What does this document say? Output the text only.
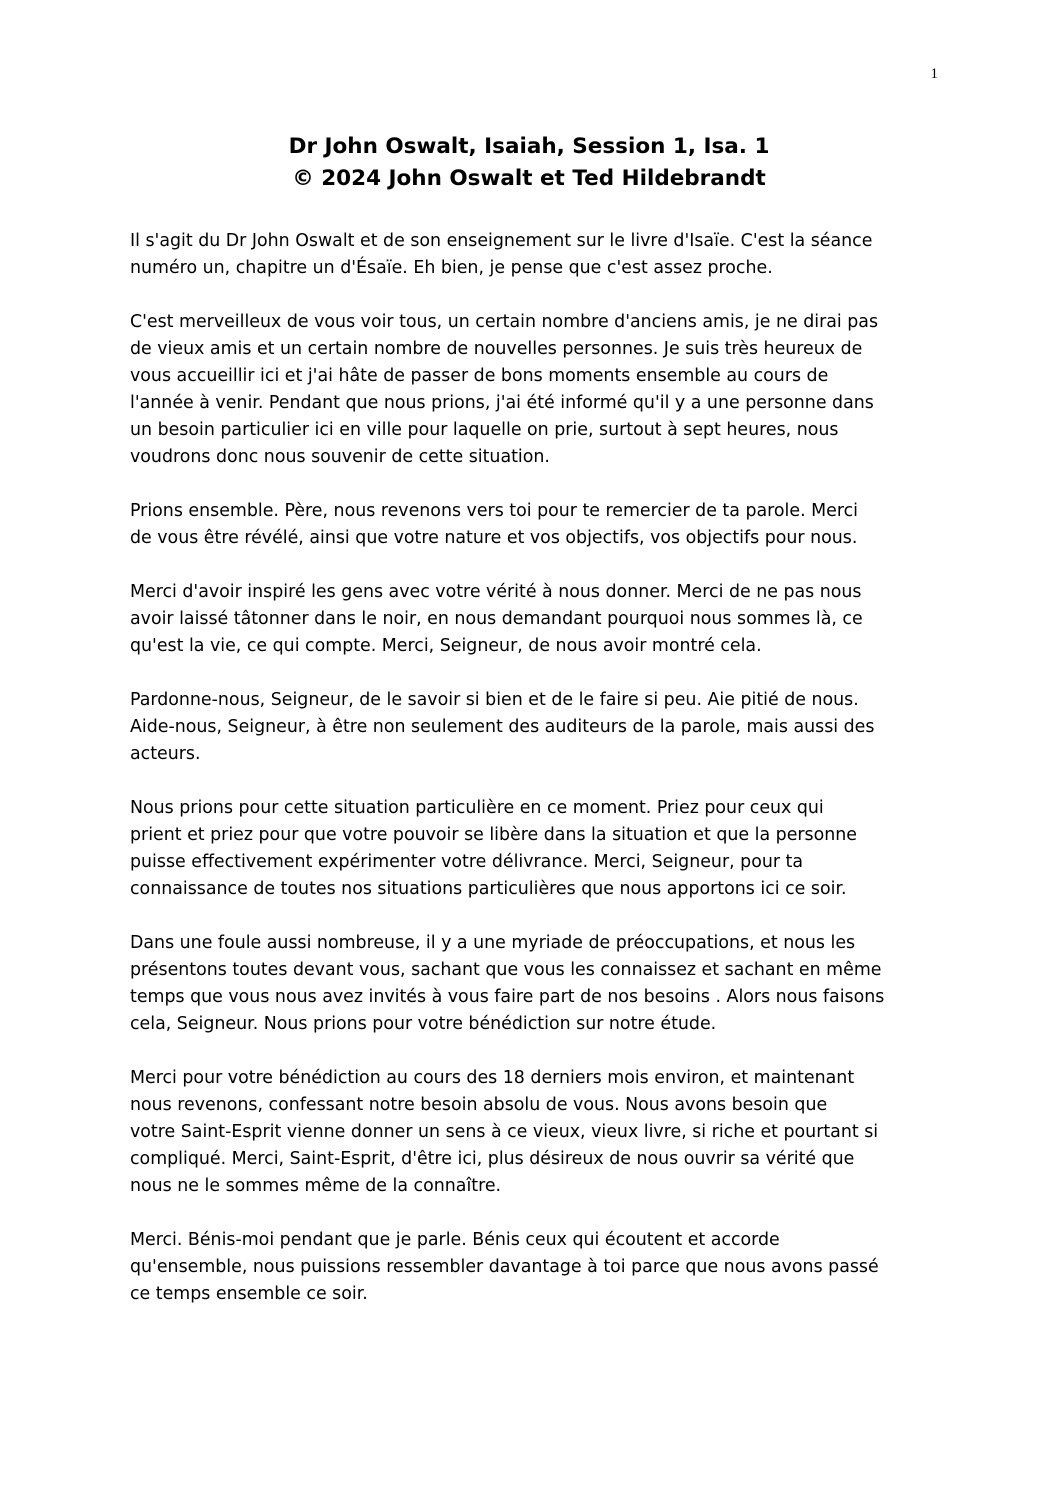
1
Dr John Oswalt, Isaiah, Session 1, Isa. 1
© 2024 John Oswalt et Ted Hildebrandt

Il s'agit du Dr John Oswalt et de son enseignement sur le livre d'Isaïe. C'est la séance
numéro un, chapitre un d'Ésaïe. Eh bien, je pense que c'est assez proche.

C'est merveilleux de vous voir tous, un certain nombre d'anciens amis, je ne dirai pas
de vieux amis et un certain nombre de nouvelles personnes. Je suis très heureux de
vous accueillir ici et j'ai hâte de passer de bons moments ensemble au cours de
l'année à venir. Pendant que nous prions, j'ai été informé qu'il y a une personne dans
un besoin particulier ici en ville pour laquelle on prie, surtout à sept heures, nous
voudrons donc nous souvenir de cette situation.

Prions ensemble. Père, nous revenons vers toi pour te remercier de ta parole. Merci
de vous être révélé, ainsi que votre nature et vos objectifs, vos objectifs pour nous.

Merci d'avoir inspiré les gens avec votre vérité à nous donner. Merci de ne pas nous
avoir laissé tâtonner dans le noir, en nous demandant pourquoi nous sommes là, ce
qu'est la vie, ce qui compte. Merci, Seigneur, de nous avoir montré cela.

Pardonne-nous, Seigneur, de le savoir si bien et de le faire si peu. Aie pitié de nous.
Aide-nous, Seigneur, à être non seulement des auditeurs de la parole, mais aussi des
acteurs.

Nous prions pour cette situation particulière en ce moment. Priez pour ceux qui
prient et priez pour que votre pouvoir se libère dans la situation et que la personne
puisse effectivement expérimenter votre délivrance. Merci, Seigneur, pour ta
connaissance de toutes nos situations particulières que nous apportons ici ce soir.

Dans une foule aussi nombreuse, il y a une myriade de préoccupations, et nous les
présentons toutes devant vous, sachant que vous les connaissez et sachant en même
temps que vous nous avez invités à vous faire part de nos besoins . Alors nous faisons
cela, Seigneur. Nous prions pour votre bénédiction sur notre étude.

Merci pour votre bénédiction au cours des 18 derniers mois environ, et maintenant
nous revenons, confessant notre besoin absolu de vous. Nous avons besoin que
votre Saint-Esprit vienne donner un sens à ce vieux, vieux livre, si riche et pourtant si
compliqué. Merci, Saint-Esprit, d'être ici, plus désireux de nous ouvrir sa vérité que
nous ne le sommes même de la connaître.

Merci. Bénis-moi pendant que je parle. Bénis ceux qui écoutent et accorde
qu'ensemble, nous puissions ressembler davantage à toi parce que nous avons passé
ce temps ensemble ce soir.
